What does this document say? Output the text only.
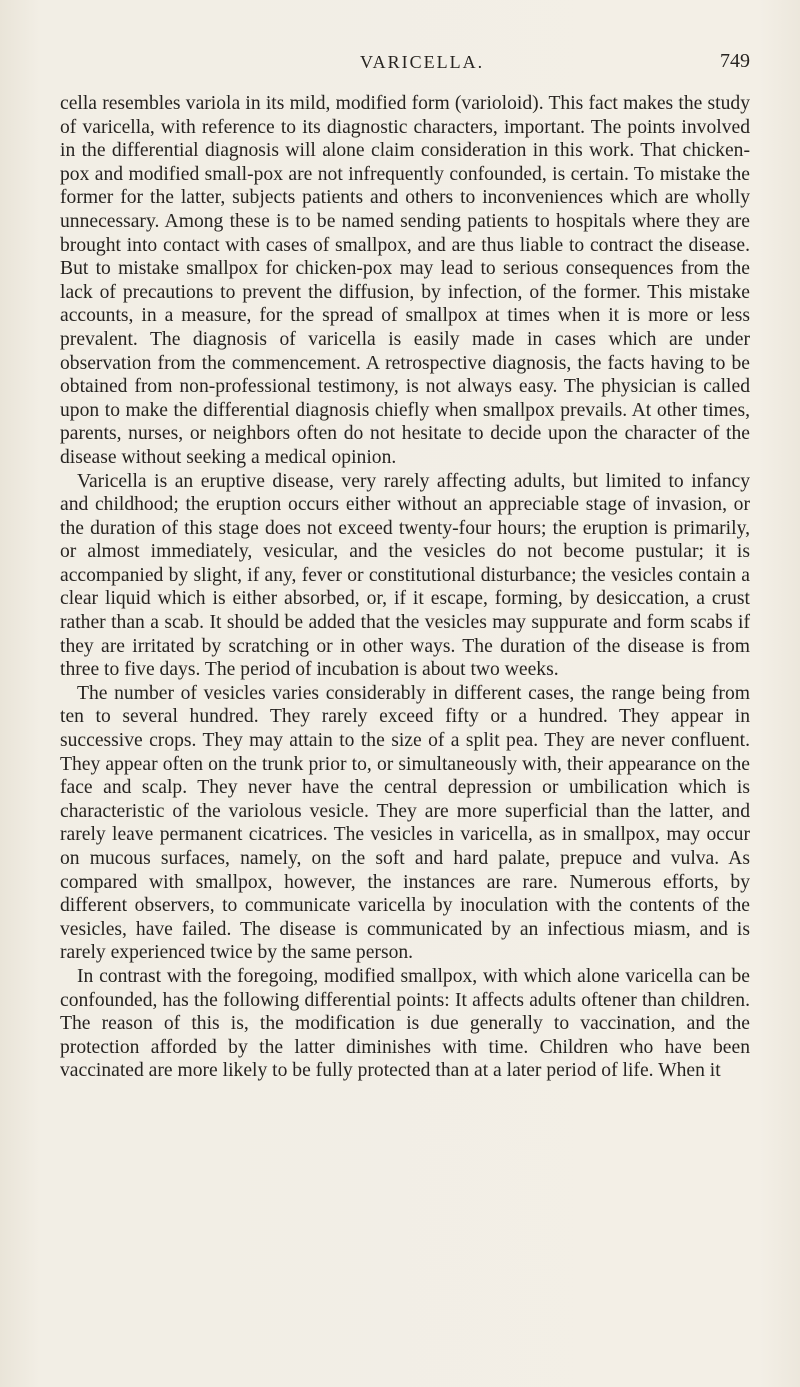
VARICELLA.	749

cella resembles variola in its mild, modified form (varioloid). This fact makes the study of varicella, with reference to its diagnostic characters, important. The points involved in the differential diagnosis will alone claim consideration in this work. That chicken-pox and modified small-pox are not infrequently confounded, is certain. To mistake the former for the latter, subjects patients and others to inconveniences which are wholly unnecessary. Among these is to be named sending patients to hospitals where they are brought into contact with cases of smallpox, and are thus liable to contract the disease. But to mistake smallpox for chicken-pox may lead to serious consequences from the lack of precautions to prevent the diffusion, by infection, of the former. This mistake accounts, in a measure, for the spread of smallpox at times when it is more or less prevalent. The diagnosis of varicella is easily made in cases which are under observation from the commencement. A retrospective diagnosis, the facts having to be obtained from non-professional testimony, is not always easy. The physician is called upon to make the differential diagnosis chiefly when smallpox prevails. At other times, parents, nurses, or neighbors often do not hesitate to decide upon the character of the disease without seeking a medical opinion.

Varicella is an eruptive disease, very rarely affecting adults, but limited to infancy and childhood; the eruption occurs either without an appreciable stage of invasion, or the duration of this stage does not exceed twenty-four hours; the eruption is primarily, or almost immediately, vesicular, and the vesicles do not become pustular; it is accompanied by slight, if any, fever or constitutional disturbance; the vesicles contain a clear liquid which is either absorbed, or, if it escape, forming, by desiccation, a crust rather than a scab. It should be added that the vesicles may suppurate and form scabs if they are irritated by scratching or in other ways. The duration of the disease is from three to five days. The period of incubation is about two weeks.

The number of vesicles varies considerably in different cases, the range being from ten to several hundred. They rarely exceed fifty or a hundred. They appear in successive crops. They may attain to the size of a split pea. They are never confluent. They appear often on the trunk prior to, or simultaneously with, their appearance on the face and scalp. They never have the central depression or umbilication which is characteristic of the variolous vesicle. They are more superficial than the latter, and rarely leave permanent cicatrices. The vesicles in varicella, as in smallpox, may occur on mucous surfaces, namely, on the soft and hard palate, prepuce and vulva. As compared with smallpox, however, the instances are rare. Numerous efforts, by different observers, to communicate varicella by inoculation with the contents of the vesicles, have failed. The disease is communicated by an infectious miasm, and is rarely experienced twice by the same person.

In contrast with the foregoing, modified smallpox, with which alone varicella can be confounded, has the following differential points: It affects adults oftener than children. The reason of this is, the modification is due generally to vaccination, and the protection afforded by the latter diminishes with time. Children who have been vaccinated are more likely to be fully protected than at a later period of life. When it
